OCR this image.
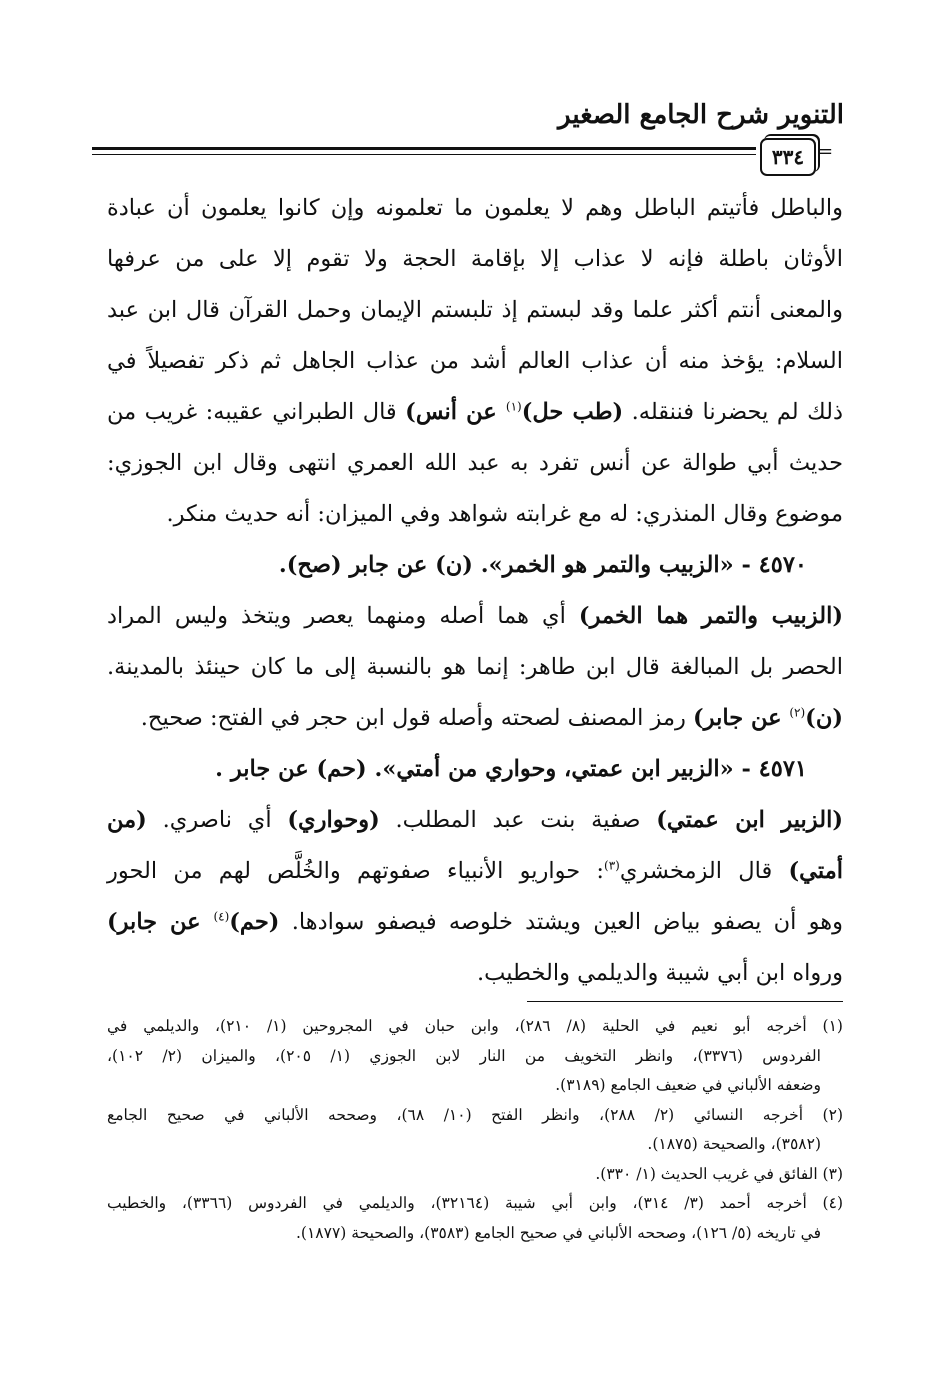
التنوير شرح الجامع الصغير
٣٣٤ =
والباطل فأتيتم الباطل وهم لا يعلمون ما تعلمونه وإن كانوا يعلمون أن عبادة
الأوثان باطلة فإنه لا عذاب إلا بإقامة الحجة ولا تقوم إلا على من عرفها
والمعنى أنتم أكثر علما وقد لبستم إذ تلبستم الإيمان وحمل القرآن قال ابن عبد
السلام: يؤخذ منه أن عذاب العالم أشد من عذاب الجاهل ثم ذكر تفصيلاً في
ذلك لم يحضرنا فننقله. (طب حل)$^{(١)}$ عن أنس) قال الطبراني عقيبه: غريب من
حديث أبي طوالة عن أنس تفرد به عبد الله العمري انتهى وقال ابن الجوزي:
موضوع وقال المنذري: له مع غرابته شواهد وفي الميزان: أنه حديث منكر.
٤٥٧٠ - «الزبيب والتمر هو الخمر». (ن) عن جابر (صح).
(الزبيب والتمر هما الخمر) أي هما أصله ومنهما يعصر ويتخذ وليس المراد
الحصر بل المبالغة قال ابن طاهر: إنما هو بالنسبة إلى ما كان حينئذ بالمدينة.
(ن)$^{(٢)}$ عن جابر) رمز المصنف لصحته وأصله قول ابن حجر في الفتح: صحيح.
٤٥٧١ - «الزبير ابن عمتي، وحواري من أمتي». (حم) عن جابر .
(الزبير ابن عمتي) صفية بنت عبد المطلب. (وحواري) أي ناصري. (من
أمتي) قال الزمخشري$^{(٣)}$: حواريو الأنبياء صفوتهم والخُلَّص لهم من الحور
وهو أن يصفو بياض العين ويشتد خلوصه فيصفو سوادها. (حم)$^{(٤)}$ عن جابر)
ورواه ابن أبي شيبة والديلمي والخطيب.
(١) أخرجه أبو نعيم في الحلية (٨/ ٢٨٦)، وابن حبان في المجروحين (١/ ٢١٠)، والديلمي في
الفردوس (٣٣٧٦)، وانظر التخويف من النار لابن الجوزي (١/ ٢٠٥)، والميزان (٢/ ١٠٢)،
وضعفه الألباني في ضعيف الجامع (٣١٨٩).
(٢) أخرجه النسائي (٢/ ٢٨٨)، وانظر الفتح (١٠/ ٦٨)، وصححه الألباني في صحيح الجامع
(٣٥٨٢)، والصحيحة (١٨٧٥).
(٣) الفائق في غريب الحديث (١/ ٣٣٠).
(٤) أخرجه أحمد (٣/ ٣١٤)، وابن أبي شيبة (٣٢١٦٤)، والديلمي في الفردوس (٣٣٦٦)، والخطيب
في تاريخه (٥/ ١٢٦)، وصححه الألباني في صحيح الجامع (٣٥٨٣)، والصحيحة (١٨٧٧).
